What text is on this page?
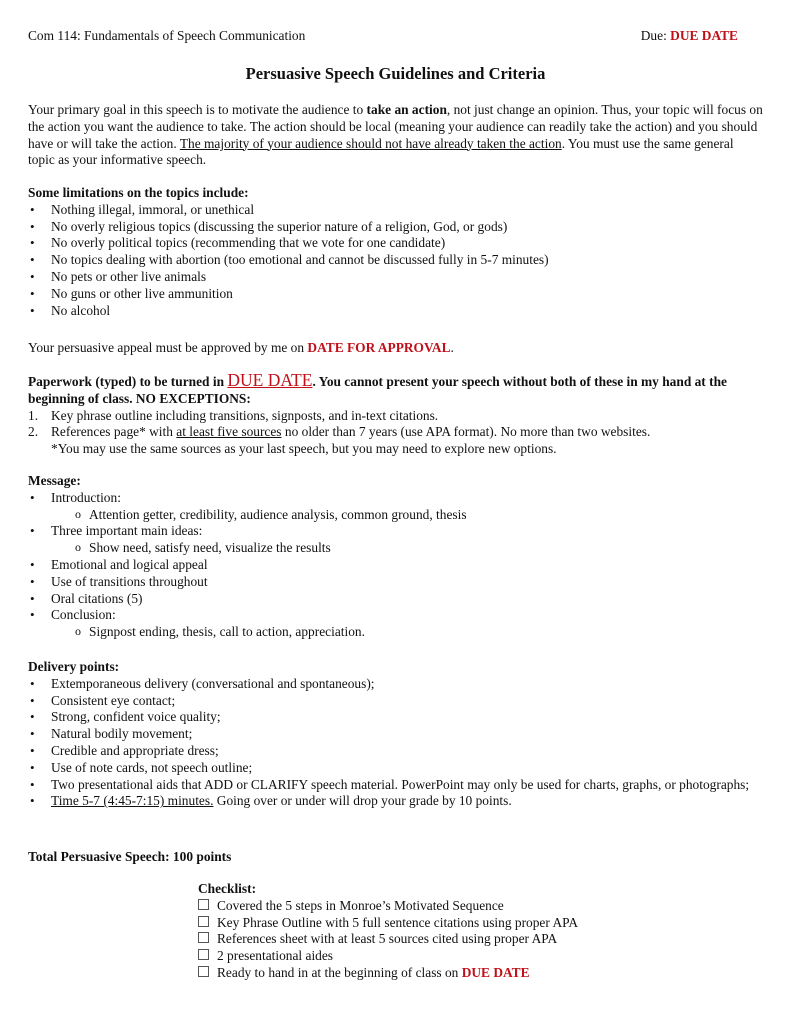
Com 114: Fundamentals of Speech Communication	Due: DUE DATE
Persuasive Speech Guidelines and Criteria

Your primary goal in this speech is to motivate the audience to take an action, not just change an opinion. Thus, your topic will focus on the action you want the audience to take. The action should be local (meaning your audience can readily take the action) and you should have or will take the action. The majority of your audience should not have already taken the action. You must use the same general topic as your informative speech.

Some limitations on the topics include:

• Nothing illegal, immoral, or unethical
• No overly religious topics (discussing the superior nature of a religion, God, or gods)
• No overly political topics (recommending that we vote for one candidate)
• No topics dealing with abortion (too emotional and cannot be discussed fully in 5-7 minutes)
• No pets or other live animals
• No guns or other live ammunition
• No alcohol

Your persuasive appeal must be approved by me on DATE FOR APPROVAL.

Paperwork (typed) to be turned in DUE DATE. You cannot present your speech without both of these in my hand at the beginning of class. NO EXCEPTIONS:

1. Key phrase outline including transitions, signposts, and in-text citations.
2. References page* with at least five sources no older than 7 years (use APA format). No more than two websites.

*You may use the same sources as your last speech, but you may need to explore new options.

Message:

• Introduction:
o Attention getter, credibility, audience analysis, common ground, thesis
• Three important main ideas:
o Show need, satisfy need, visualize the results
• Emotional and logical appeal
• Use of transitions throughout
• Oral citations (5)
• Conclusion:
o Signpost ending, thesis, call to action, appreciation.

Delivery points:

• Extemporaneous delivery (conversational and spontaneous);
• Consistent eye contact;
• Strong, confident voice quality;
• Natural bodily movement;
• Credible and appropriate dress;
• Use of note cards, not speech outline;
• Two presentational aids that ADD or CLARIFY speech material. PowerPoint may only be used for charts, graphs, or photographs;
• Time 5-7 (4:45-7:15) minutes. Going over or under will drop your grade by 10 points.

Total Persuasive Speech: 100 points

Checklist:

Covered the 5 steps in Monroe’s Motivated Sequence
Key Phrase Outline with 5 full sentence citations using proper APA
References sheet with at least 5 sources cited using proper APA
2 presentational aides
Ready to hand in at the beginning of class on DUE DATE
